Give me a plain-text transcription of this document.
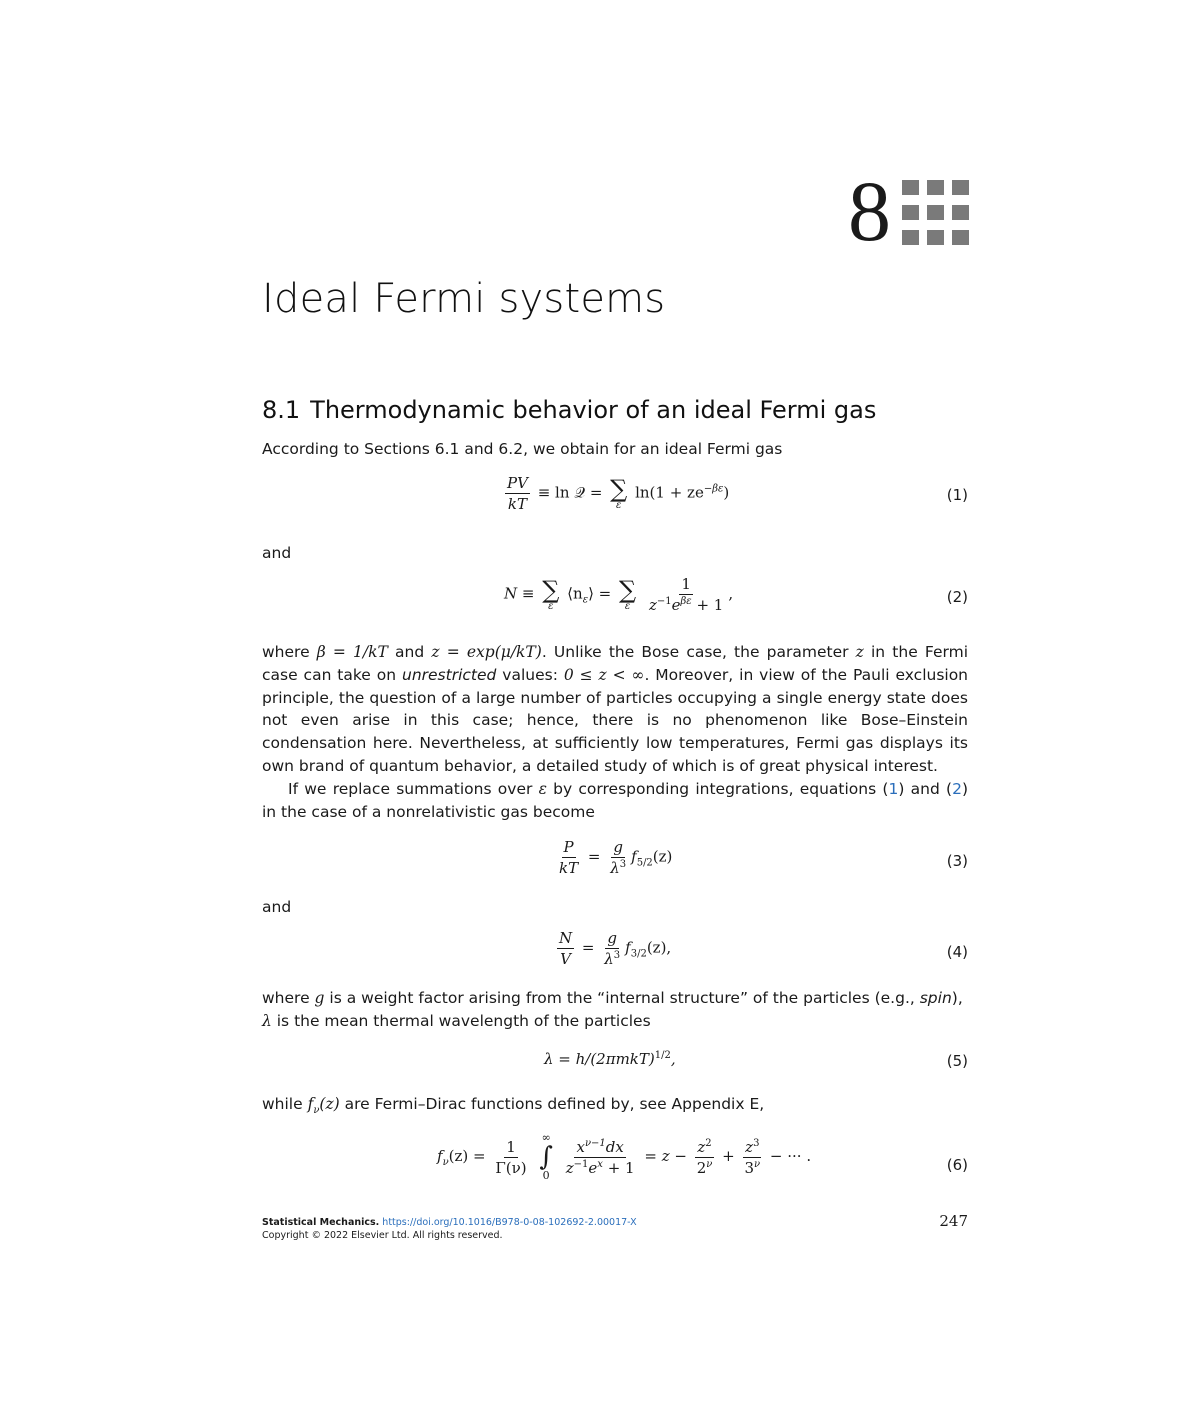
8
Ideal Fermi systems
8.1 Thermodynamic behavior of an ideal Fermi gas
According to Sections 6.1 and 6.2, we obtain for an ideal Fermi gas
$\frac{PV}{kT} \equiv \ln$ 𝒬 = ∑
ε
$\ln(1 + ze^{-\beta\varepsilon})$	(1)
and
N ≡ ∑
ε
$⟨n_\varepsilon⟩$ = ∑
ε
$\frac{1}{z^{-1}e^{\beta\varepsilon} + 1}$ ,	(2)
where β = 1/kT and z = exp(μ/kT). Unlike the Bose case, the parameter z in the Fermi case can take on unrestricted values: 0 ≤ z < ∞. Moreover, in view of the Pauli exclusion principle, the question of a large number of particles occupying a single energy state does not even arise in this case; hence, there is no phenomenon like Bose–Einstein condensation here. Nevertheless, at sufficiently low temperatures, Fermi gas displays its own brand of quantum behavior, a detailed study of which is of great physical interest.
If we replace summations over ε by corresponding integrations, equations (1) and (2) in the case of a nonrelativistic gas become
$\frac{P}{kT} = \frac{g}{\lambda^3} f_{5/2}(z)$	(3)
and
$\frac{N}{V} = \frac{g}{\lambda^3} f_{3/2}(z)$,	(4)
where g is a weight factor arising from the “internal structure” of the particles (e.g., spin), λ is the mean thermal wavelength of the particles
$\lambda = h/(2\pi mkT)^{1/2}$,	(5)
while $f_\nu(z)$ are Fermi–Dirac functions defined by, see Appendix E,
$f_\nu(z) = \frac{1}{\Gamma(\nu)}$
∞
∫
0
$\frac{x^{\nu-1}dx}{z^{-1}e^x + 1} = z - \frac{z^2}{2^\nu} + \frac{z^3}{3^\nu}$ − ··· .	(6)
Statistical Mechanics. https://doi.org/10.1016/B978-0-08-102692-2.00017-X
Copyright © 2022 Elsevier Ltd. All rights reserved.
247
